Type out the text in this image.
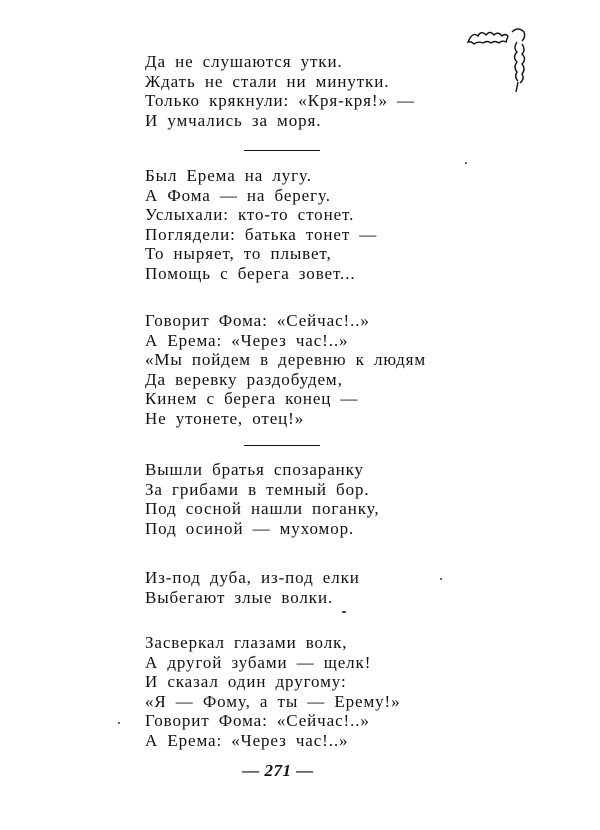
Да не слушаются утки.
Ждать не стали ни минутки.
Только крякнули: «Кря-кря!» —
И умчались за моря.
Был Ерема на лугу.
А Фома — на берегу.
Услыхали: кто-то стонет.
Поглядели: батька тонет —
То ныряет, то плывет,
Помощь с берега зовет...
Говорит Фома: «Сейчас!..»
А Ерема: «Через час!..»
«Мы пойдем в деревню к людям
Да веревку раздобудем,
Кинем с берега конец —
Не утонете, отец!»
Вышли братья спозаранку
За грибами в темный бор.
Под сосной нашли поганку,
Под осиной — мухомор.
Из-под дуба, из-под елки
Выбегают злые волки.
Засверкал глазами волк,
А другой зубами — щелк!
И сказал один другому:
«Я — Фому, а ты — Ерему!»
Говорит Фома: «Сейчас!..»
А Ерема: «Через час!..»
— 271 —
